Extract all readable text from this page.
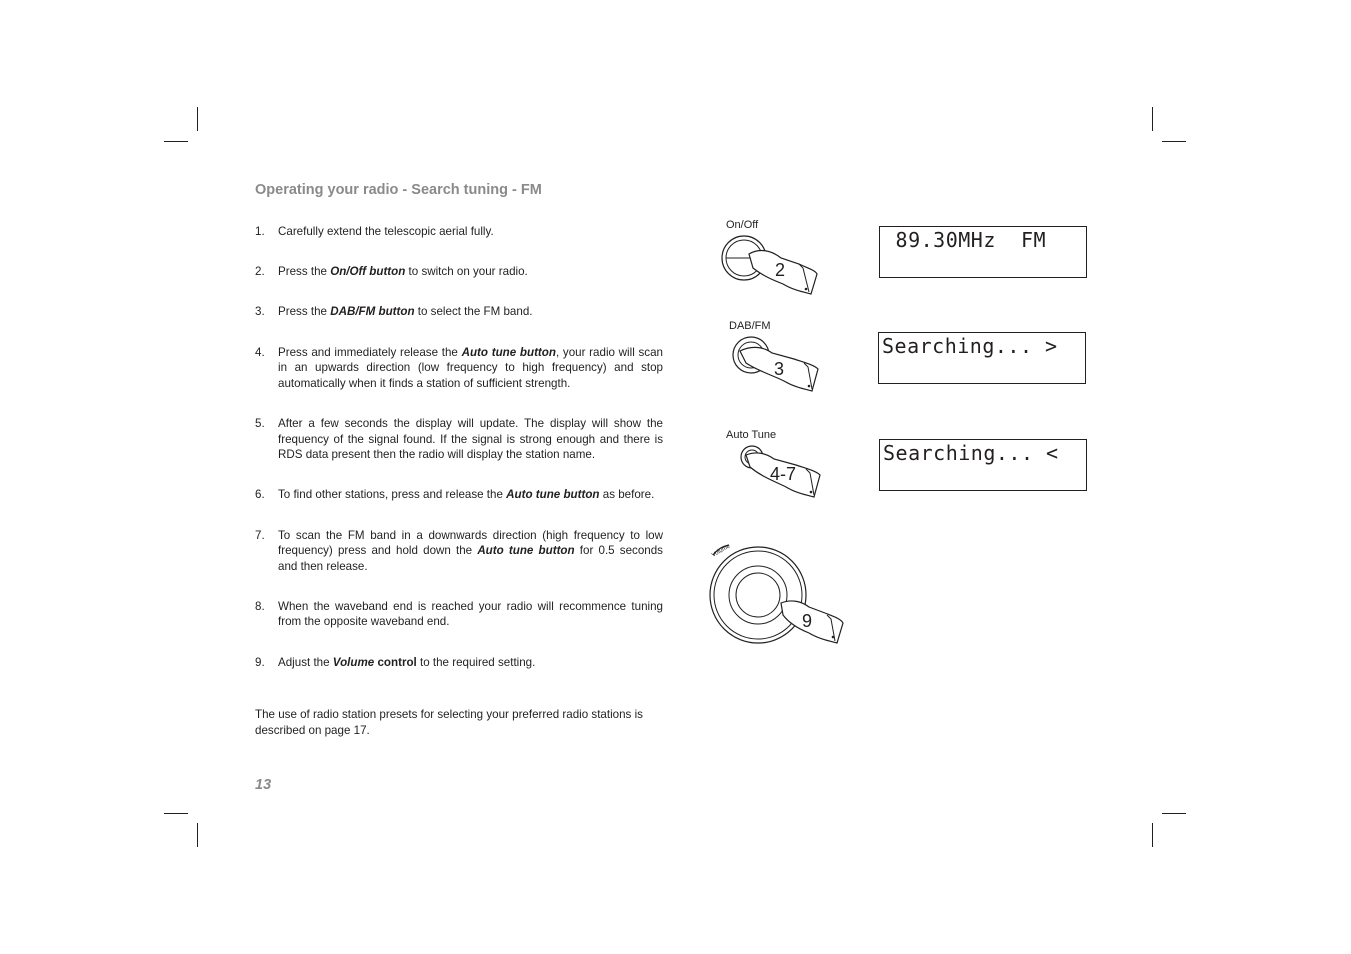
Operating your radio - Search tuning - FM
1. Carefully extend the telescopic aerial fully.
2. Press the On/Off button to switch on your radio.
3. Press the DAB/FM button to select the FM band.
4. Press and immediately release the Auto tune button, your radio will scan in an upwards direction (low frequency to high frequency) and stop automatically when it finds a station of sufficient strength.
5. After a few seconds the display will update. The display will show the frequency of the signal found. If the signal is strong enough and there is RDS data present then the radio will display the station name.
6. To find other stations, press and release the Auto tune button as before.
7. To scan the FM band in a downwards direction (high frequency to low frequency) press and hold down the Auto tune button for 0.5 seconds and then release.
8. When the waveband end is reached your radio will recommence tuning from the opposite waveband end.
9. Adjust the Volume control to the required setting.
The use of radio station presets for selecting your preferred radio stations is described on page 17.
13
On/Off
2
DAB/FM
3
Auto Tune
4-7
Volume
9
89.30MHz  FM
Searching... >
Searching... <
